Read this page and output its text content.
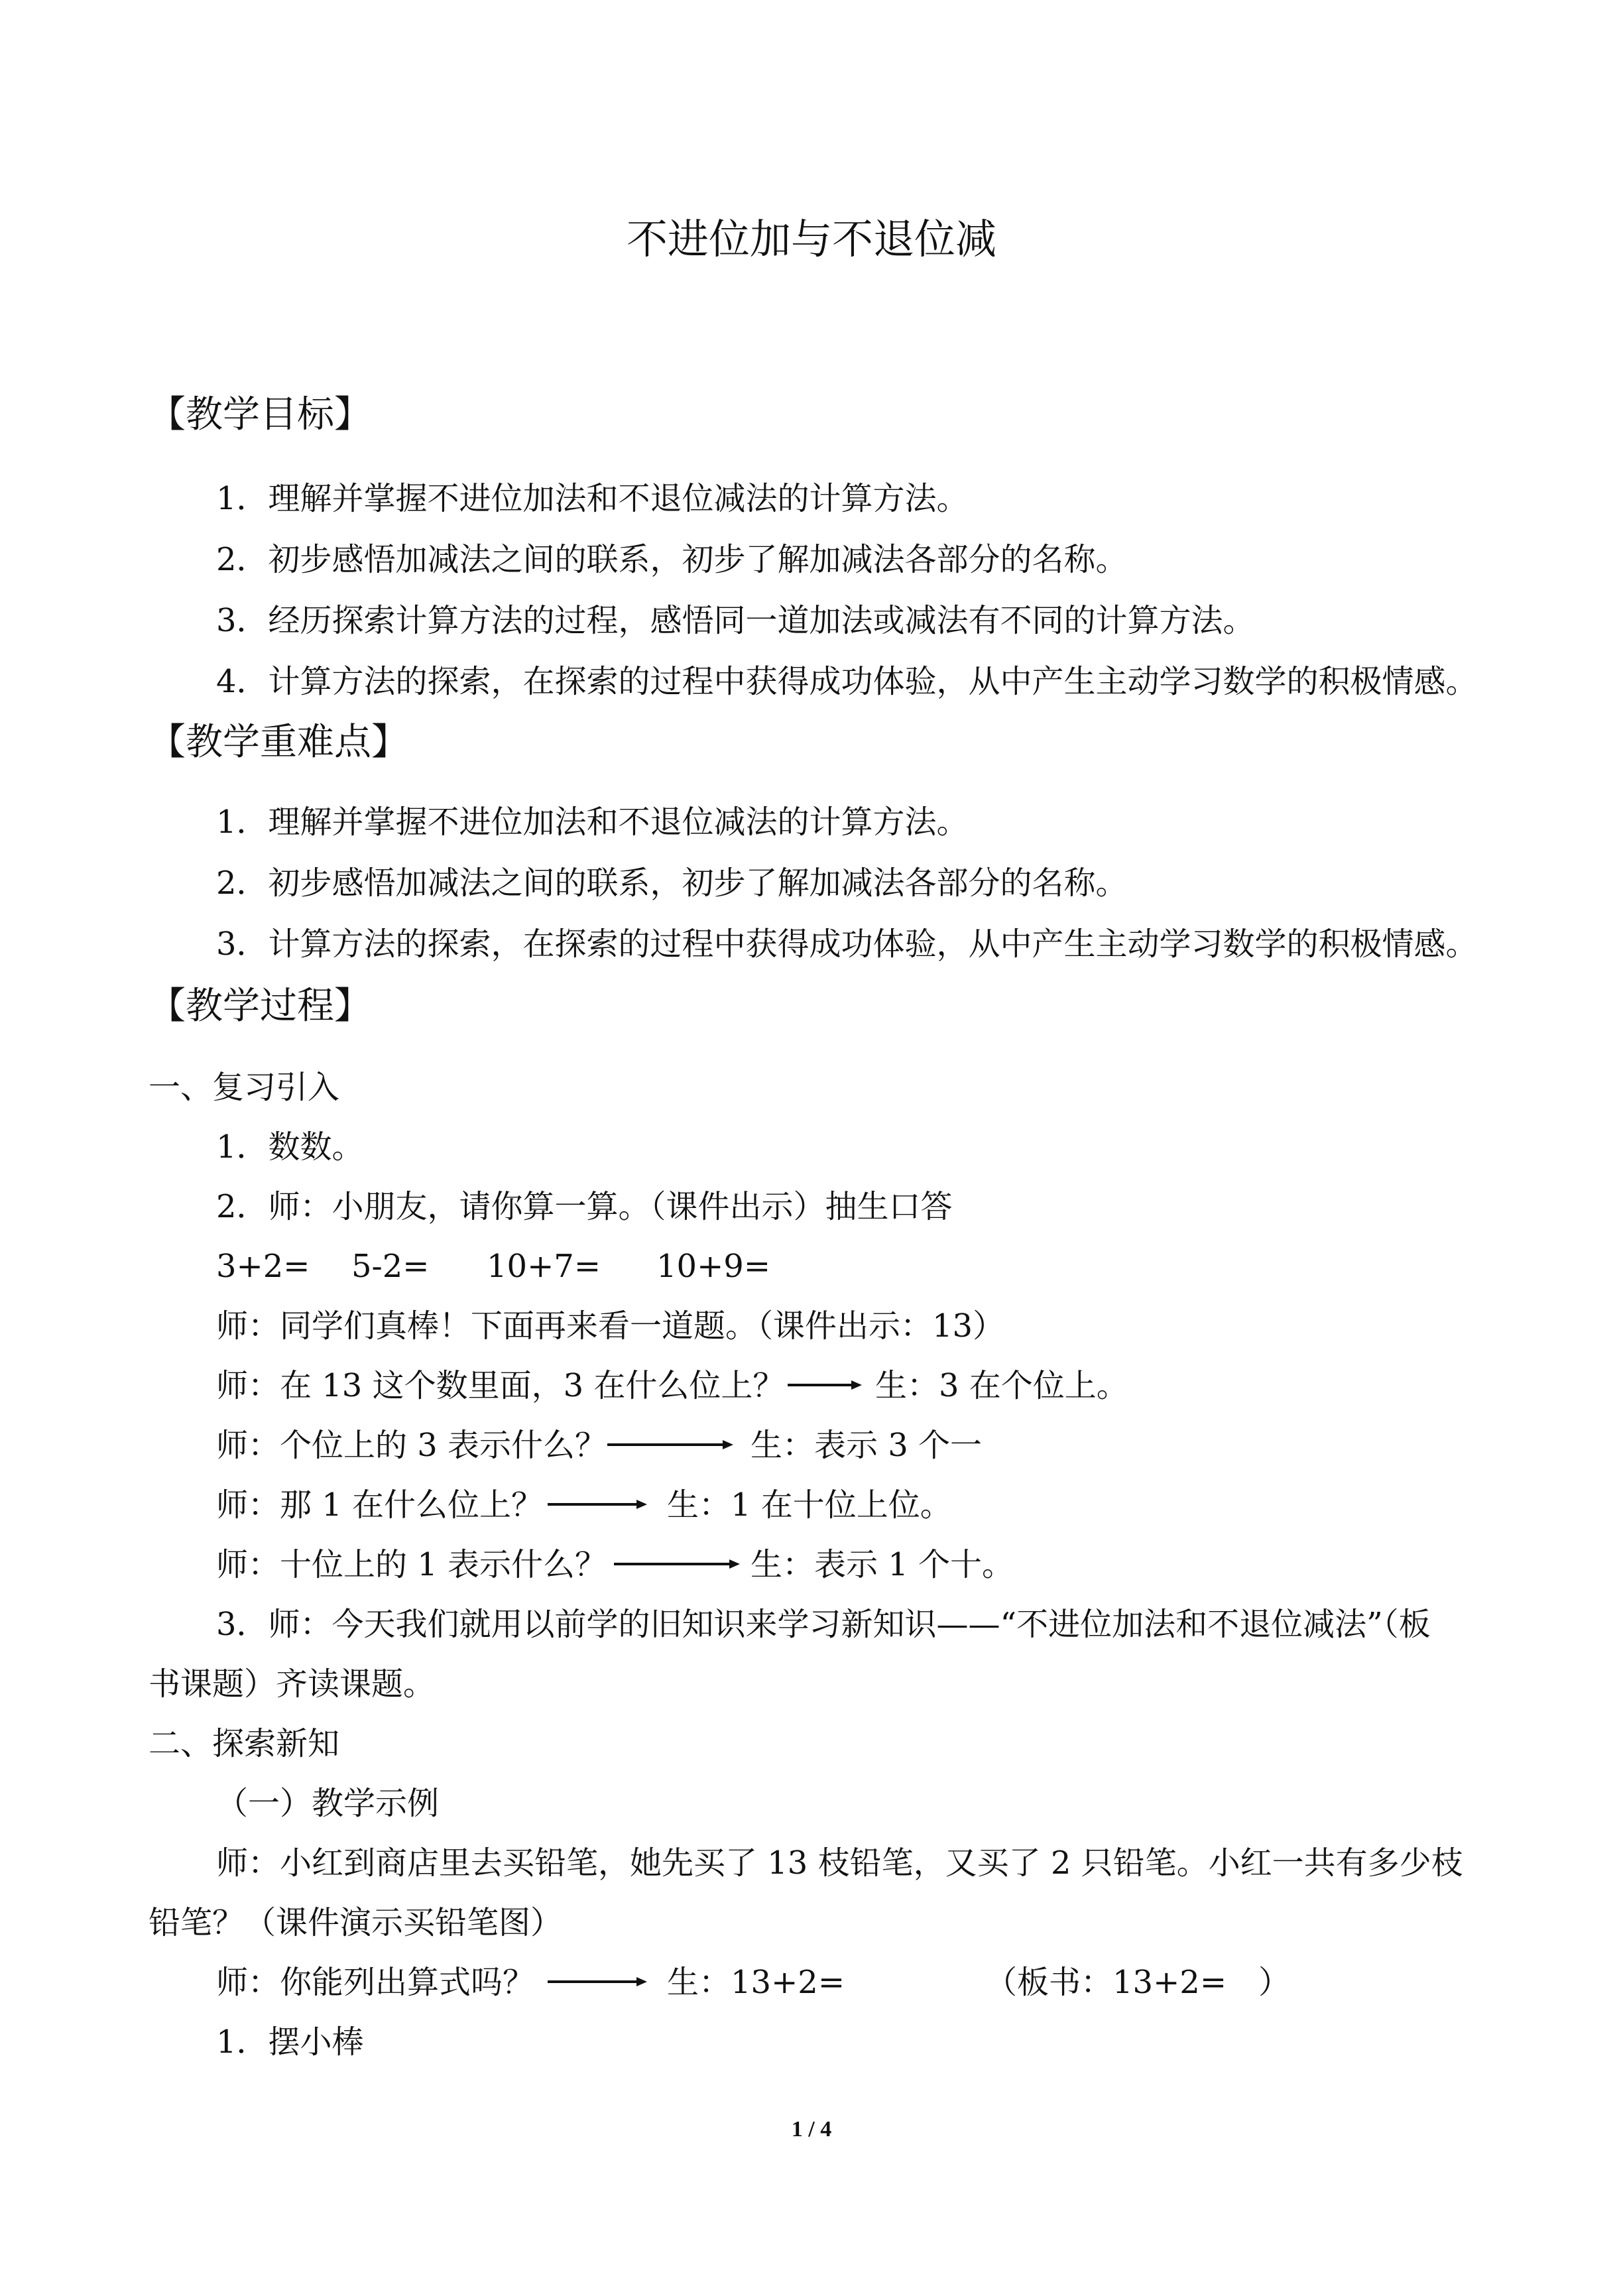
不进位加与不退位减
【教学目标】
1．理解并掌握不进位加法和不退位减法的计算方法。
2．初步感悟加减法之间的联系，初步了解加减法各部分的名称。
3．经历探索计算方法的过程，感悟同一道加法或减法有不同的计算方法。
4．计算方法的探索，在探索的过程中获得成功体验，从中产生主动学习数学的积极情感。
【教学重难点】
1．理解并掌握不进位加法和不退位减法的计算方法。
2．初步感悟加减法之间的联系，初步了解加减法各部分的名称。
3．计算方法的探索，在探索的过程中获得成功体验，从中产生主动学习数学的积极情感。
【教学过程】
一、复习引入
1．数数。
2．师：小朋友，请你算一算。（课件出示）抽生口答
3+2= 5-2= 10+7= 10+9=
师：同学们真棒！下面再来看一道题。（课件出示：13）
师：在 13 这个数里面，3 在什么位上？	生：3 在个位上。
师：个位上的 3 表示什么？	生：表示 3 个一
师：那 1 在什么位上？	生：1 在十位上位。
师：十位上的 1 表示什么？	生：表示 1 个十。
3．师：今天我们就用以前学的旧知识来学习新知识——“不进位加法和不退位减法”（板
书课题）齐读课题。
二、探索新知
（一）教学示例
师：小红到商店里去买铅笔，她先买了 13 枝铅笔，又买了 2 只铅笔。小红一共有多少枝
铅笔？（课件演示买铅笔图）
师：你能列出算式吗？	生：13+2=	（板书：13+2=　）
1．摆小棒
1 / 4
